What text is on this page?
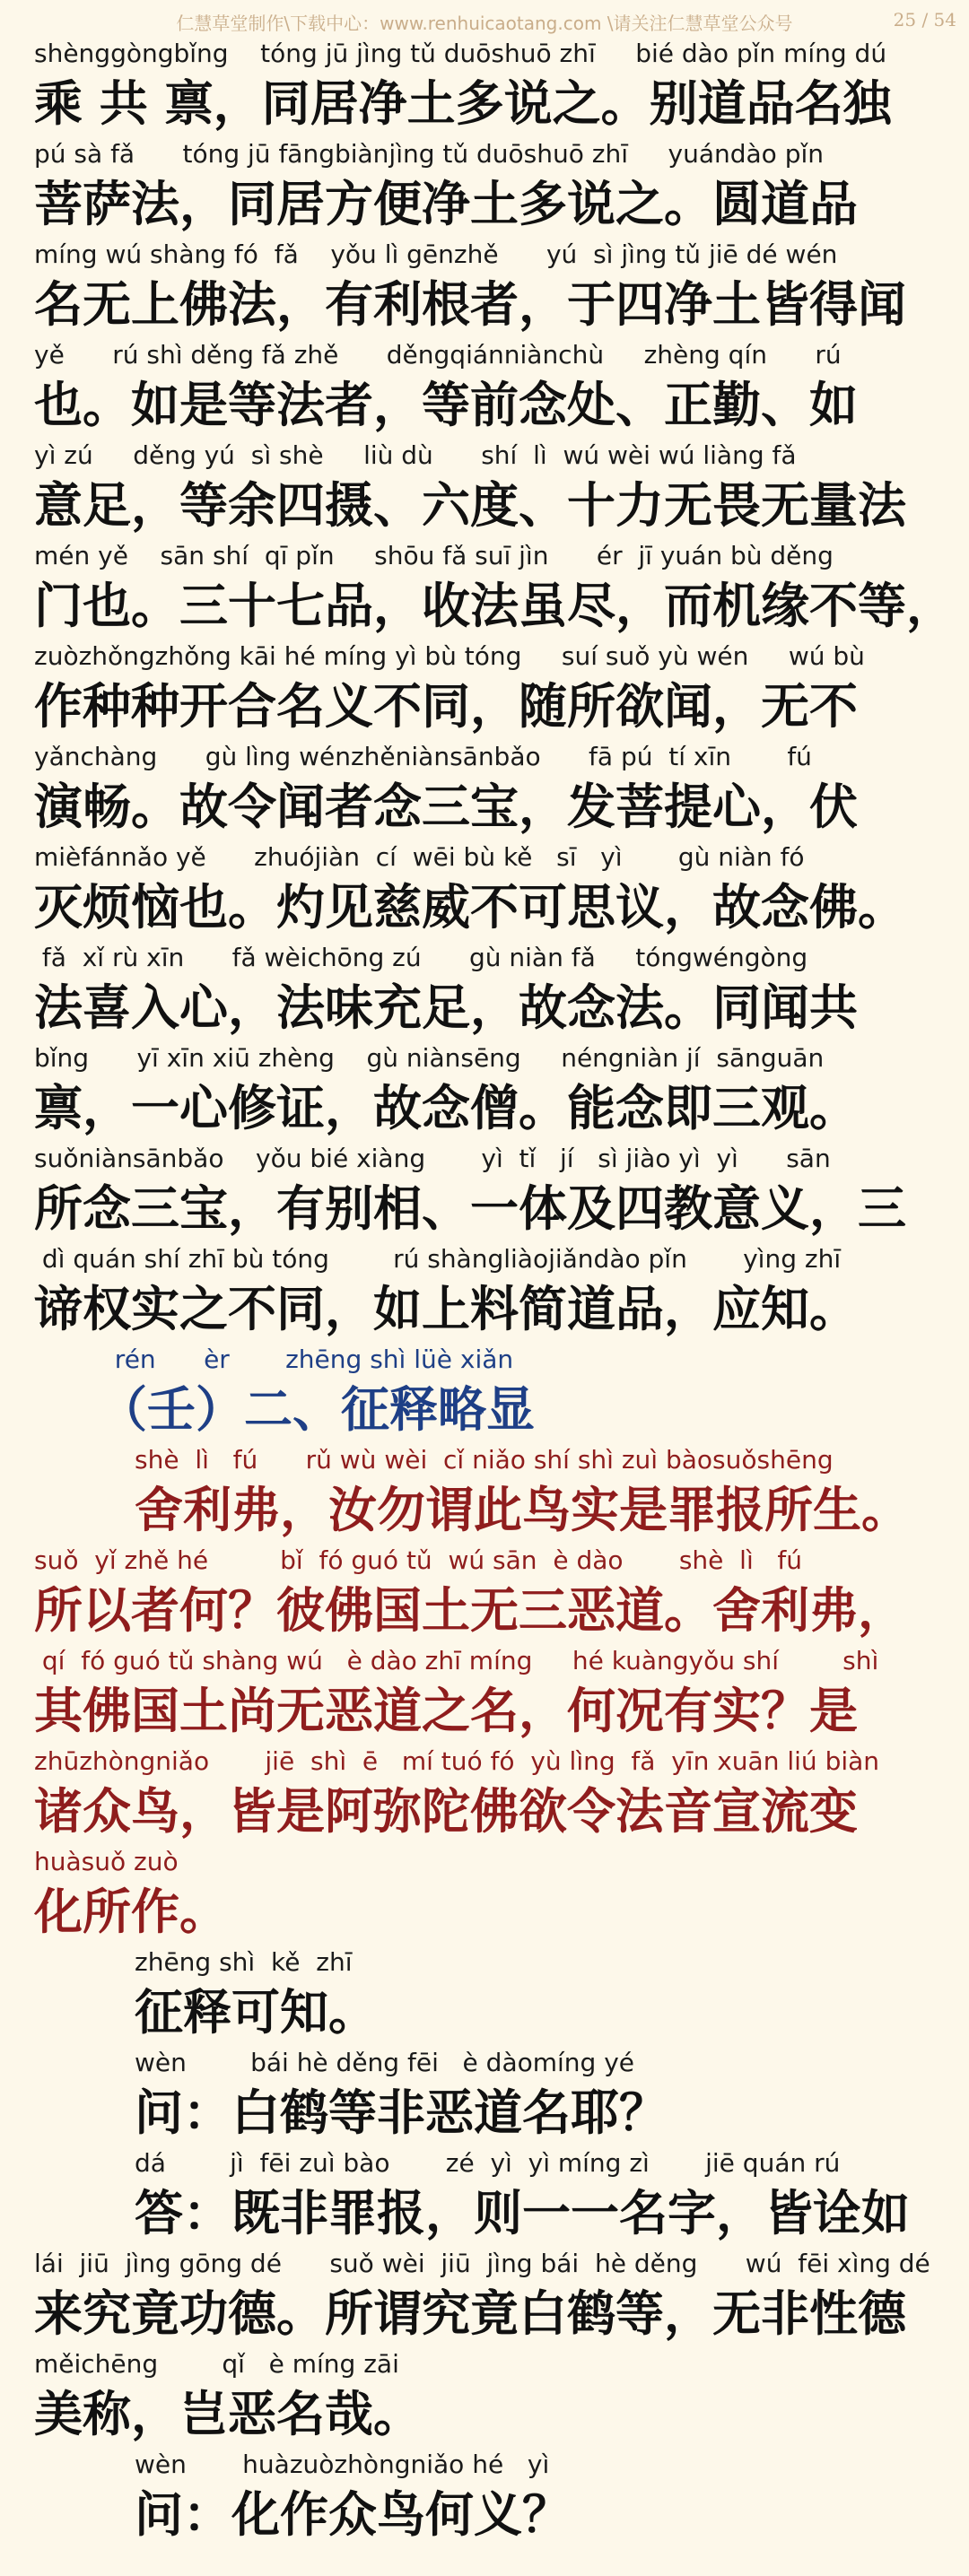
仁慧草堂制作\下载中心：www.renhuicaotang.com \请关注仁慧草堂公众号	25 / 54
shènggòngbǐng    tóng jū jìng tǔ duōshuō zhī     bié dào pǐn míng dú
乘 共 禀，同居净土多说之。别道品名独
pú sà fǎ      tóng jū fāngbiànjìng tǔ duōshuō zhī     yuándào pǐn
菩萨法，同居方便净土多说之。圆道品
míng wú shàng fó  fǎ    yǒu lì gēnzhě      yú  sì jìng tǔ jiē dé wén
名无上佛法，有利根者，于四净土皆得闻
yě      rú shì děng fǎ zhě      děngqiánniànchù     zhèng qín      rú
也。如是等法者，等前念处、正勤、如
yì zú     děng yú  sì shè     liù dù      shí  lì  wú wèi wú liàng fǎ
意足，等余四摄、六度、十力无畏无量法
mén yě    sān shí  qī pǐn     shōu fǎ suī jìn      ér  jī yuán bù děng
门也。三十七品，收法虽尽，而机缘不等，
zuòzhǒngzhǒng kāi hé míng yì bù tóng     suí suǒ yù wén     wú bù
作种种开合名义不同，随所欲闻，无不
yǎnchàng      gù lìng wénzhěniànsānbǎo      fā pú  tí xīn       fú
演畅。故令闻者念三宝，发菩提心，伏
mièfánnǎo yě      zhuójiàn  cí  wēi bù kě   sī   yì       gù niàn fó
灭烦恼也。灼见慈威不可思议，故念佛。
fǎ  xǐ rù xīn      fǎ wèichōng zú      gù niàn fǎ     tóngwéngòng
法喜入心，法味充足，故念法。同闻共
bǐng      yī xīn xiū zhèng    gù niànsēng     néngniàn jí  sānguān
禀，一心修证，故念僧。能念即三观。
suǒniànsānbǎo    yǒu bié xiàng       yì  tǐ   jí   sì jiào yì  yì      sān
所念三宝，有别相、一体及四教意义，三
dì quán shí zhī bù tóng        rú shàngliàojiǎndào pǐn       yìng zhī
谛权实之不同，如上料简道品，应知。
rén      èr       zhēng shì lüè xiǎn
（壬）二、征释略显
shè  lì   fú      rǔ wù wèi  cǐ niǎo shí shì zuì bàosuǒshēng
舍利弗，汝勿谓此鸟实是罪报所生。
suǒ  yǐ zhě hé         bǐ  fó guó tǔ  wú sān  è dào       shè  lì   fú
所以者何？彼佛国土无三恶道。舍利弗，
qí  fó guó tǔ shàng wú   è dào zhī míng     hé kuàngyǒu shí        shì
其佛国土尚无恶道之名，何况有实？是
zhūzhòngniǎo       jiē  shì  ē   mí tuó fó  yù lìng  fǎ  yīn xuān liú biàn
诸众鸟，皆是阿弥陀佛欲令法音宣流变
huàsuǒ zuò
化所作。
zhēng shì  kě  zhī
征释可知。
wèn        bái hè děng fēi   è dàomíng yé
问：白鹤等非恶道名耶？
dá        jì  fēi zuì bào       zé  yì  yì míng zì       jiē quán rú
答：既非罪报，则一一名字，皆诠如
lái  jiū  jìng gōng dé      suǒ wèi  jiū  jìng bái  hè děng      wú  fēi xìng dé
来究竟功德。所谓究竟白鹤等，无非性德
měichēng        qǐ   è míng zāi
美称，岂恶名哉。
wèn       huàzuòzhòngniǎo hé   yì
问：化作众鸟何义？
